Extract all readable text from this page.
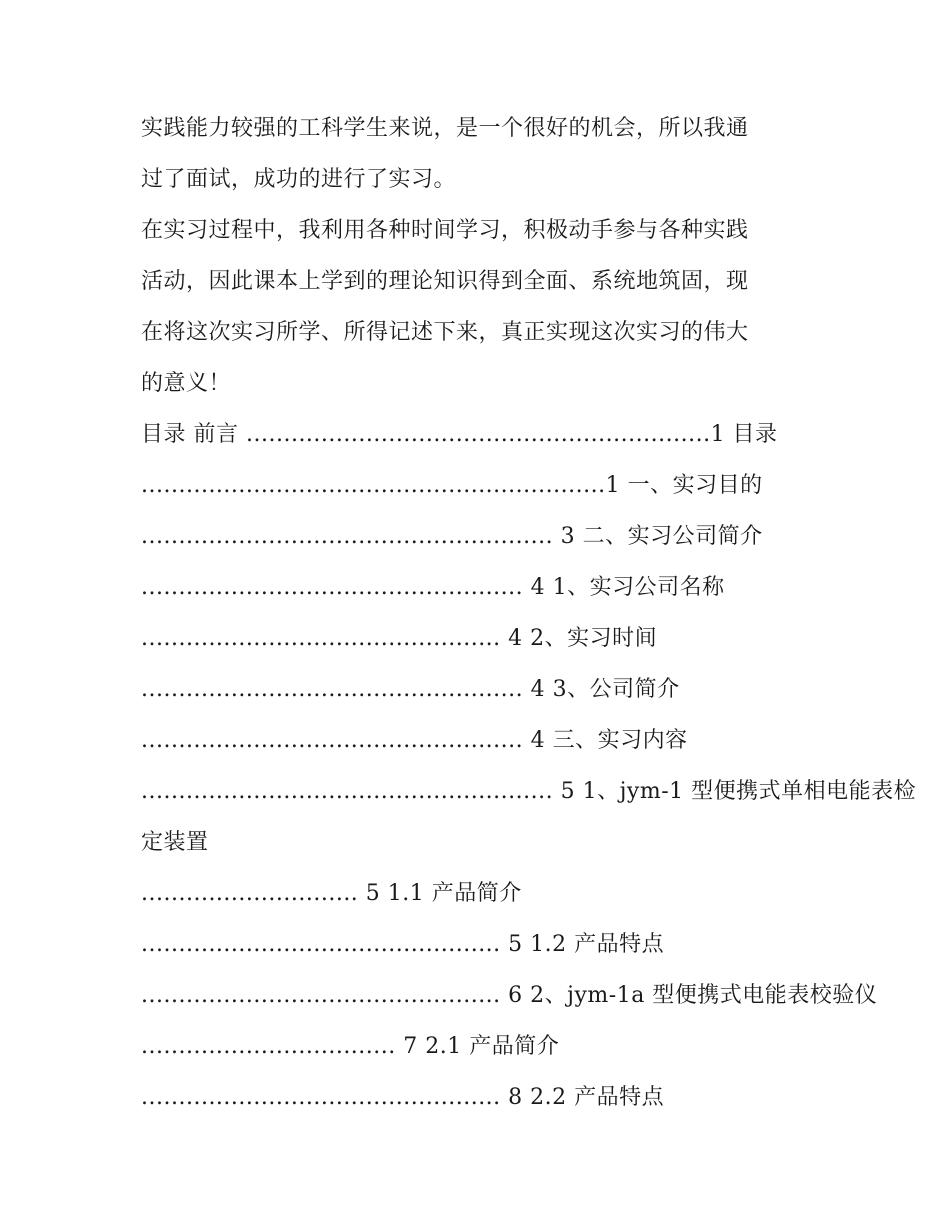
实践能力较强的工科学生来说，是一个很好的机会，所以我通
过了面试，成功的进行了实习。
在实习过程中，我利用各种时间学习，积极动手参与各种实践
活动，因此课本上学到的理论知识得到全面、系统地筑固，现
在将这次实习所学、所得记述下来，真正实现这次实习的伟大
的意义！
目录 前言 ..............................................................1 目录
..............................................................1 一、实习目的
....................................................... 3 二、实习公司简介
................................................... 4 1、实习公司名称
................................................ 4 2、实习时间
................................................... 4 3、公司简介
................................................... 4 三、实习内容
....................................................... 5 1、jym-1 型便携式单相电能表检
定装置
............................. 5 1.1 产品简介
................................................ 5 1.2 产品特点
................................................ 6 2、jym-1a 型便携式电能表校验仪
.................................. 7 2.1 产品简介
................................................ 8 2.2 产品特点
